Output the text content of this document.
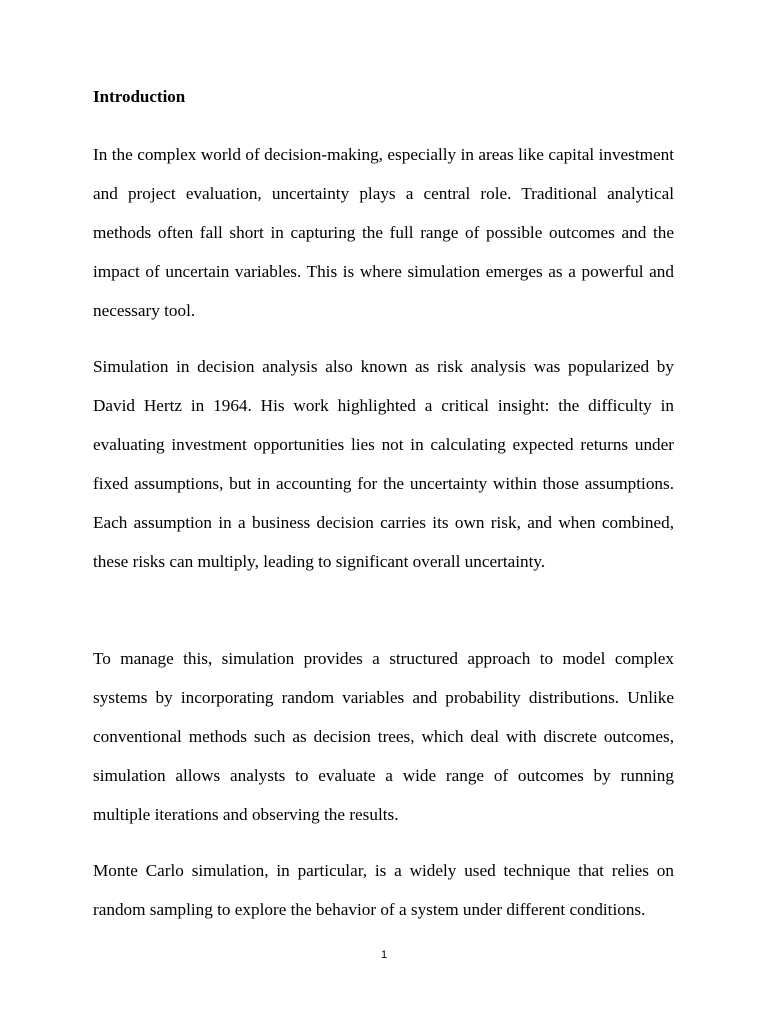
Introduction

In the complex world of decision-making, especially in areas like capital investment and project evaluation, uncertainty plays a central role. Traditional analytical methods often fall short in capturing the full range of possible outcomes and the impact of uncertain variables. This is where simulation emerges as a powerful and necessary tool.

Simulation in decision analysis also known as risk analysis was popularized by David Hertz in 1964. His work highlighted a critical insight: the difficulty in evaluating investment opportunities lies not in calculating expected returns under fixed assumptions, but in accounting for the uncertainty within those assumptions. Each assumption in a business decision carries its own risk, and when combined, these risks can multiply, leading to significant overall uncertainty.

To manage this, simulation provides a structured approach to model complex systems by incorporating random variables and probability distributions. Unlike conventional methods such as decision trees, which deal with discrete outcomes, simulation allows analysts to evaluate a wide range of outcomes by running multiple iterations and observing the results.

Monte Carlo simulation, in particular, is a widely used technique that relies on random sampling to explore the behavior of a system under different conditions.

1
